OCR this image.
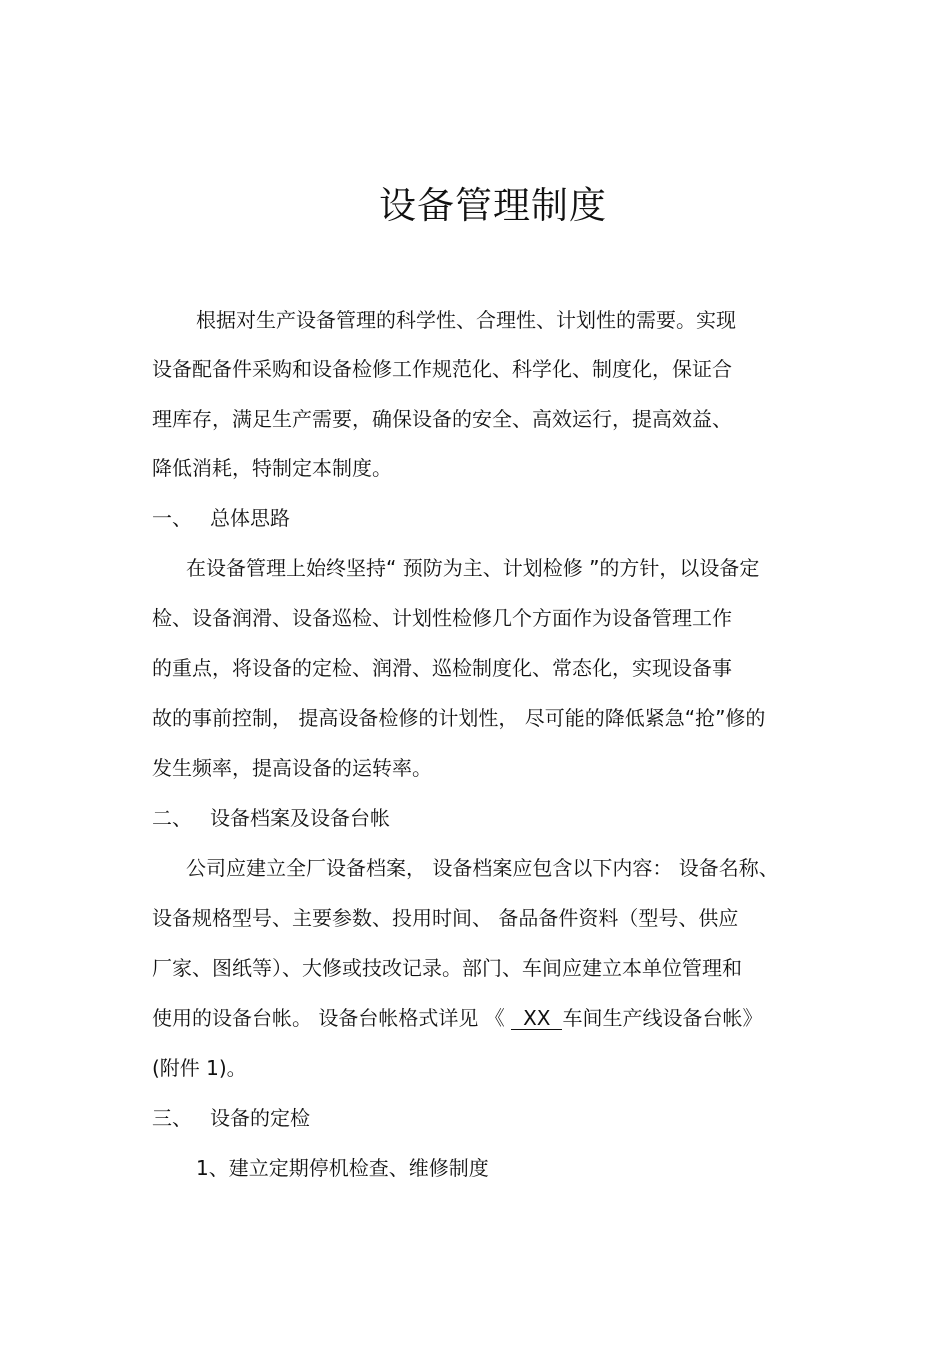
设备管理制度
根据对生产设备管理的科学性、合理性、计划性的需要。实现
设备配备件采购和设备检修工作规范化、科学化、制度化，保证合
理库存，满足生产需要，确保设备的安全、高效运行，提高效益、
降低消耗，特制定本制度。
一、 总体思路
在设备管理上始终坚持“ 预防为主、计划检修 ”的方针，以设备定
检、设备润滑、设备巡检、计划性检修几个方面作为设备管理工作
的重点，将设备的定检、润滑、巡检制度化、常态化，实现设备事
故的事前控制， 提高设备检修的计划性， 尽可能的降低紧急“抢”修的
发生频率，提高设备的运转率。
二、 设备档案及设备台帐
公司应建立全厂设备档案， 设备档案应包含以下内容： 设备名称、
设备规格型号、主要参数、投用时间、 备品备件资料（型号、供应
厂家、图纸等）、大修或技改记录。部门、车间应建立本单位管理和
使用的设备台帐。 设备台帐格式详见 《 XX 车间生产线设备台帐》
(附件 1)。
三、 设备的定检
1、建立定期停机检查、维修制度
